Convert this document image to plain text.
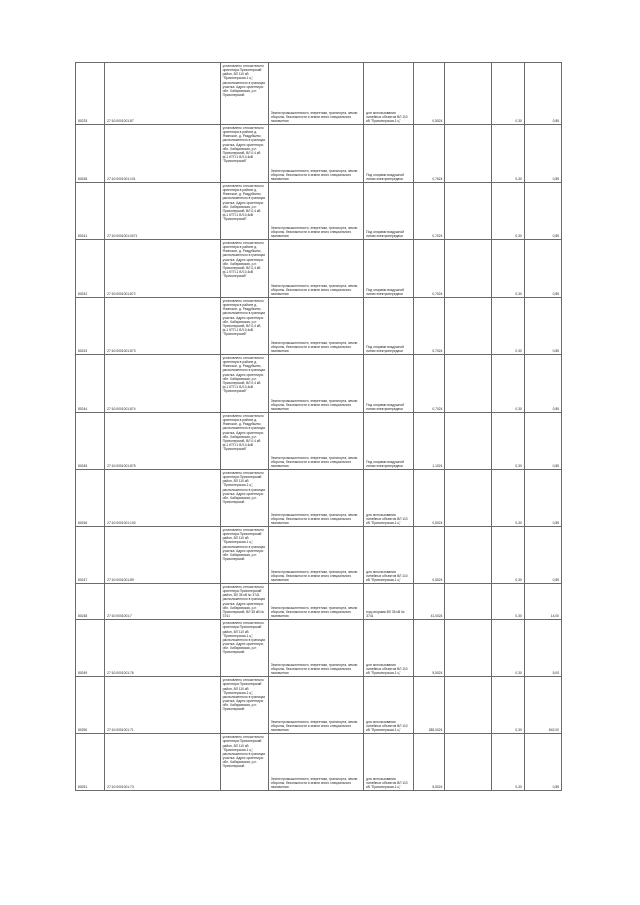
80233	27:10:0001001:87	установлено относительно ориентира Прихоперский район, ВЛ 110 кВ "Прихоперская-1 ц", расположенного в границах участка. Адрес ориентира: обл. Хабаровская, р-н Прихоперский	Земли промышленности, энергетики, транспорта, земли обороны, безопасности и земли иного специального назначения	для использования линейных объектов ВЛ 110 кВ "Прихоперская-1 ц"	0,5024		0,30	0,85
80248	27:10:0001001:101	установлено относительно ориентира в районе д. Ячинское, д. Раздубкино, расположенного в границах участка. Адрес ориентира: обл. Хабаровская, р-н Прихоперский, ВЛ 0,4 кВ ф-1 КТП-1 ВЛ-0,4кВ "Прихоперский"	Земли промышленности, энергетики, транспорта, земли обороны, безопасности и земли иного специального назначения	Под опорами воздушной линии электропередачи	0,7624		0,30	0,85
80241	27:10:0001001:0071	установлено относительно ориентира в районе д. Ячинское, д. Раздубкино, расположенного в границах участка. Адрес ориентира: обл. Хабаровская, р-н Прихоперский, ВЛ 0,4 кВ ф-1 КТП-1 ВЛ-0,4кВ "Прихоперский"	Земли промышленности, энергетики, транспорта, земли обороны, безопасности и земли иного специального назначения	Под опорами воздушной линии электропередачи	0,7024		0,30	0,85
80242	27:10:0001001:872	установлено относительно ориентира в районе д. Ячинское, д. Раздубкино, расположенного в границах участка. Адрес ориентира: обл. Хабаровская, р-н Прихоперский, ВЛ 0,4 кВ ф-1 КТП-1 ВЛ-0,4кВ "Прихоперский"	Земли промышленности, энергетики, транспорта, земли обороны, безопасности и земли иного специального назначения	Под опорами воздушной линии электропередачи	0,7024		0,30	0,85
80243	27:10:0001001:873	установлено относительно ориентира в районе д. Ячинское, д. Раздубкино, расположенного в границах участка. Адрес ориентира: обл. Хабаровская, р-н Прихоперский, ВЛ 0,4 кВ ф-1 КТП-1 ВЛ-0,4кВ "Прихоперский"	Земли промышленности, энергетики, транспорта, земли обороны, безопасности и земли иного специального назначения	Под опорами воздушной линии электропередачи	0,7024		0,30	0,85
80244	27:10:0001001:874	установлено относительно ориентира в районе д. Ячинское, д. Раздубкино, расположенного в границах участка. Адрес ориентира: обл. Хабаровская, р-н Прихоперский, ВЛ 0,4 кВ ф-1 КТП-1 ВЛ-0,4кВ "Прихоперский"	Земли промышленности, энергетики, транспорта, земли обороны, безопасности и земли иного специального назначения	Под опорами воздушной линии электропередачи	0,7024		0,30	0,85
80245	27:10:0001001:875	установлено относительно ориентира в районе д. Ячинское, д. Раздубкино, расположенного в границах участка. Адрес ориентира: обл. Хабаровская, р-н Прихоперский, ВЛ 0,4 кВ ф-1 КТП-1 ВЛ-0,4кВ "Прихоперский"	Земли промышленности, энергетики, транспорта, земли обороны, безопасности и земли иного специального назначения	Под опорами воздушной линии электропередачи	1,1024		0,30	0,85
80246	27:10:0001001:100	установлено относительно ориентира Прихоперский район, ВЛ 110 кВ "Прихоперская-1 ц", расположенного в границах участка. Адрес ориентира: обл. Хабаровская, р-н Прихоперский	Земли промышленности, энергетики, транспорта, земли обороны, безопасности и земли иного специального назначения	для использования линейных объектов ВЛ 110 кВ "Прихоперская-1 ц"	0,5024		0,30	0,85
80247	27:10:0001001:89	установлено относительно ориентира Прихоперский район, ВЛ 110 кВ "Прихоперская-1 ц", расположенного в границах участка. Адрес ориентира: обл. Хабаровская, р-н Прихоперский	Земли промышленности, энергетики, транспорта, земли обороны, безопасности и земли иного специального назначения	для использования линейных объектов ВЛ 110 кВ "Прихоперская-1 ц"	0,5024		0,30	0,85
80248	27:10:0001001:7	установлено относительно ориентира Прихоперский район, ВЛ 35 кВ № 3741 расположенного в границах участка. Адрес ориентира: обл. Хабаровская, р-н Прихоперский, ВЛ 35 кВ № 3741	Земли промышленности, энергетики, транспорта, земли обороны, безопасности и земли иного специального назначения	под опорами ВЛ 35 кВ № 3741	41,0024		0,30	14,00
80249	27:10:0001001:76	установлено относительно ориентира Прихоперский район, ВЛ 110 кВ "Прихоперская-1 ц", расположенного в границах участка. Адрес ориентира: обл. Хабаровская, р-н Прихоперский	Земли промышленности, энергетики, транспорта, земли обороны, безопасности и земли иного специального назначения	для использования линейных объектов ВЛ 110 кВ "Прихоперская-1 ц"	5,5024		0,30	5,00
80250	27:10:0001001:71	установлено относительно ориентира Прихоперский район, ВЛ 110 кВ "Прихоперская-1 ц", расположенного в границах участка. Адрес ориентира: обл. Хабаровская, р-н Прихоперский	Земли промышленности, энергетики, транспорта, земли обороны, безопасности и земли иного специального назначения	для использования линейных объектов ВЛ 110 кВ "Прихоперская-1 ц"	285,0024		0,30	842,00
80251	27:10:0001001:73	установлено относительно ориентира Прихоперский район, ВЛ 110 кВ "Прихоперская-1 ц", расположенного в границах участка. Адрес ориентира: обл. Хабаровская, р-н Прихоперский	Земли промышленности, энергетики, транспорта, земли обороны, безопасности и земли иного специального назначения	для использования линейных объектов ВЛ 110 кВ "Прихоперская-1 ц"	5,5024		0,30	0,85
